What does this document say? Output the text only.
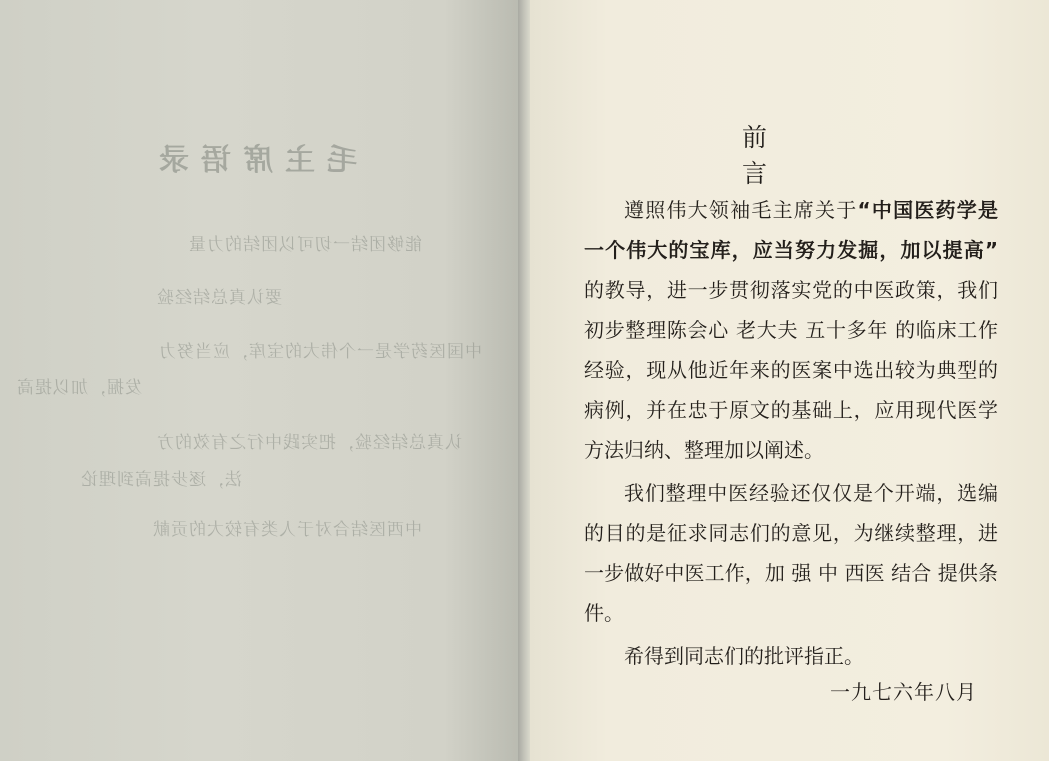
毛主席语录
能够团结一切可以团结的力量
要认真总结经验
中国医药学是一个伟大的宝库，应当努力
发掘，加以提高
认真总结经验，把实践中行之有效的方
法，逐步提高到理论
中西医结合对于人类有较大的贡献
前言
遵照伟大领袖毛主席关于“中国医药学是
一个伟大的宝库，应当努力发掘，加以提高”
的教导，进一步贯彻落实党的中医政策，我们
初步整理陈会心 老大夫 五十多年 的临床工作
经验，现从他近年来的医案中选出较为典型的
病例，并在忠于原文的基础上，应用现代医学
方法归纳、整理加以阐述。
我们整理中医经验还仅仅是个开端，选编
的目的是征求同志们的意见，为继续整理，进
一步做好中医工作，加 强 中 西医 结合 提供条
件。
希得到同志们的批评指正。
一九七六年八月
